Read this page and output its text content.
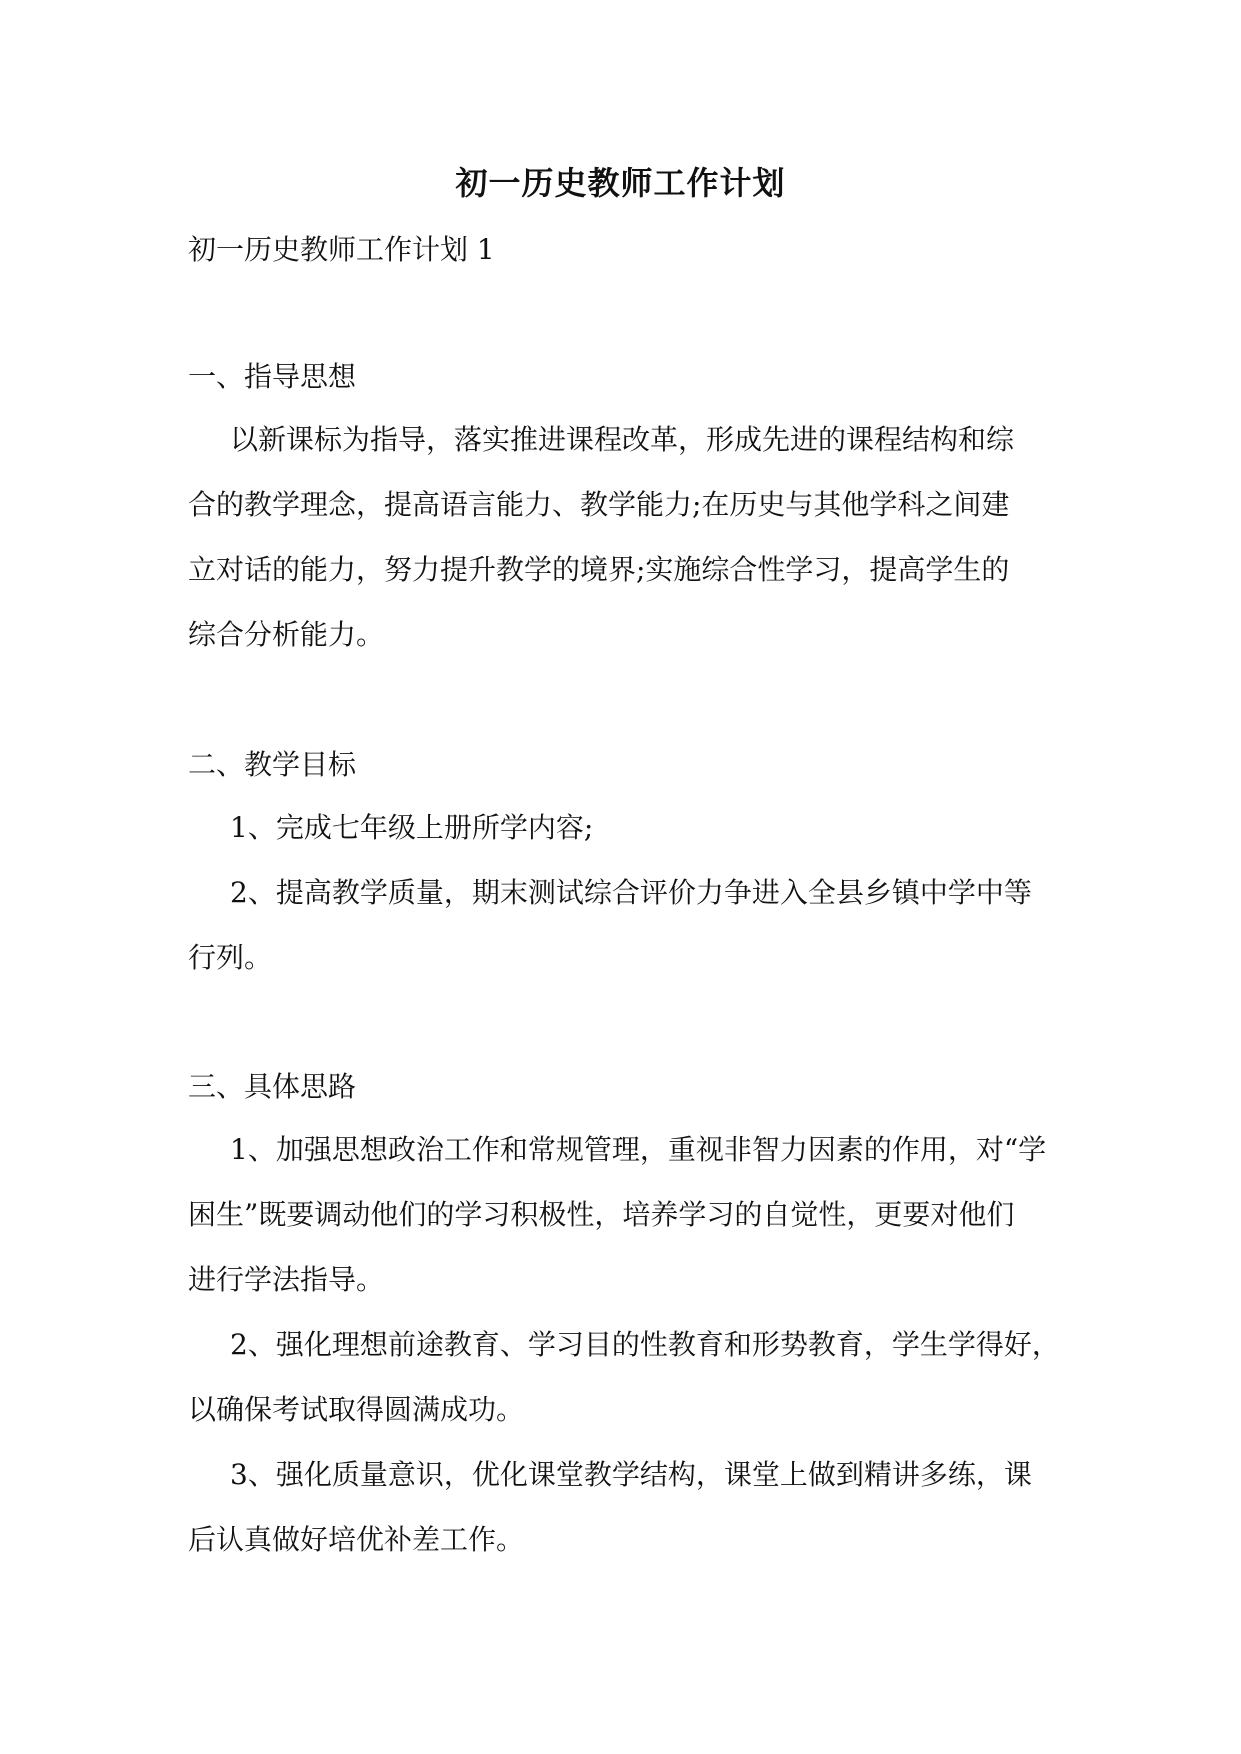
初一历史教师工作计划

初一历史教师工作计划 1

一、指导思想

以新课标为指导，落实推进课程改革，形成先进的课程结构和综

合的教学理念，提高语言能力、教学能力;在历史与其他学科之间建

立对话的能力，努力提升教学的境界;实施综合性学习，提高学生的

综合分析能力。

二、教学目标

1、完成七年级上册所学内容;

2、提高教学质量，期末测试综合评价力争进入全县乡镇中学中等

行列。

三、具体思路

1、加强思想政治工作和常规管理，重视非智力因素的作用，对“学

困生”既要调动他们的学习积极性，培养学习的自觉性，更要对他们

进行学法指导。

2、强化理想前途教育、学习目的性教育和形势教育，学生学得好，

以确保考试取得圆满成功。

3、强化质量意识，优化课堂教学结构，课堂上做到精讲多练，课

后认真做好培优补差工作。
